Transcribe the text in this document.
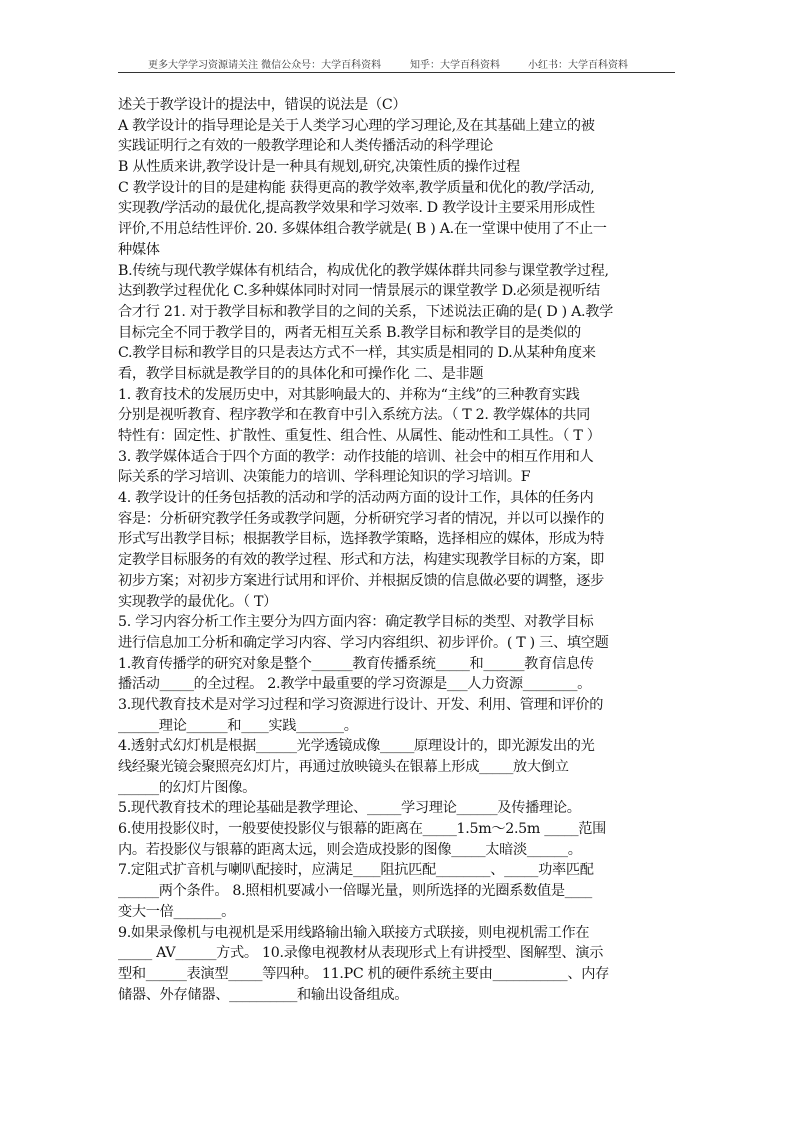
更多大学学习资源请关注 微信公众号：大学百科资料	知乎：大学百科资料	小红书：大学百科资料
述关于教学设计的提法中，错误的说法是（C）
A 教学设计的指导理论是关于人类学习心理的学习理论,及在其基础上建立的被
实践证明行之有效的一般教学理论和人类传播活动的科学理论
B 从性质来讲,教学设计是一种具有规划,研究,决策性质的操作过程
C 教学设计的目的是建构能 获得更高的教学效率,教学质量和优化的教/学活动,
实现教/学活动的最优化,提高教学效果和学习效率. D 教学设计主要采用形成性
评价,不用总结性评价. 20. 多媒体组合教学就是( B ) A.在一堂课中使用了不止一
种媒体
B.传统与现代教学媒体有机结合，构成优化的教学媒体群共同参与课堂教学过程,
达到教学过程优化 C.多种媒体同时对同一情景展示的课堂教学 D.必须是视听结
合才行 21. 对于教学目标和教学目的之间的关系，下述说法正确的是( D ) A.教学
目标完全不同于教学目的，两者无相互关系 B.教学目标和教学目的是类似的
C.教学目标和教学目的只是表达方式不一样，其实质是相同的 D.从某种角度来
看，教学目标就是教学目的的具体化和可操作化 二、是非题
1. 教育技术的发展历史中，对其影响最大的、并称为“主线”的三种教育实践
分别是视听教育、程序教学和在教育中引入系统方法。（ T 2. 教学媒体的共同
特性有：固定性、扩散性、重复性、组合性、从属性、能动性和工具性。（ T ）
3. 教学媒体适合于四个方面的教学：动作技能的培训、社会中的相互作用和人
际关系的学习培训、决策能力的培训、学科理论知识的学习培训。F
4. 教学设计的任务包括教的活动和学的活动两方面的设计工作，具体的任务内
容是：分析研究教学任务或教学问题，分析研究学习者的情况，并以可以操作的
形式写出教学目标；根据教学目标，选择教学策略，选择相应的媒体，形成为特
定教学目标服务的有效的教学过程、形式和方法，构建实现教学目标的方案，即
初步方案；对初步方案进行试用和评价、并根据反馈的信息做必要的调整，逐步
实现教学的最优化。（ T）
5. 学习内容分析工作主要分为四方面内容：确定教学目标的类型、对教学目标
进行信息加工分析和确定学习内容、学习内容组织、初步评价。( T ) 三、填空题
1.教育传播学的研究对象是整个______教育传播系统_____和______教育信息传
播活动_____的全过程。 2.教学中最重要的学习资源是___人力资源________。
3.现代教育技术是对学习过程和学习资源进行设计、开发、利用、管理和评价的
______理论______和____实践_______。
4.透射式幻灯机是根据______光学透镜成像_____原理设计的，即光源发出的光
线经聚光镜会聚照亮幻灯片，再通过放映镜头在银幕上形成_____放大倒立
______的幻灯片图像。
5.现代教育技术的理论基础是教学理论、_____学习理论______及传播理论。
6.使用投影仪时，一般要使投影仪与银幕的距离在_____1.5m～2.5m _____范围
内。若投影仪与银幕的距离太远，则会造成投影的图像_____太暗淡______。
7.定阻式扩音机与喇叭配接时，应满足____阻抗匹配________、_____功率匹配
______两个条件。 8.照相机要减小一倍曝光量，则所选择的光圈系数值是____
变大一倍_______。
9.如果录像机与电视机是采用线路输出输入联接方式联接，则电视机需工作在
_____ AV______方式。 10.录像电视教材从表现形式上有讲授型、图解型、演示
型和______表演型_____等四种。 11.PC 机的硬件系统主要由___________、内存
储器、外存储器、__________和输出设备组成。
